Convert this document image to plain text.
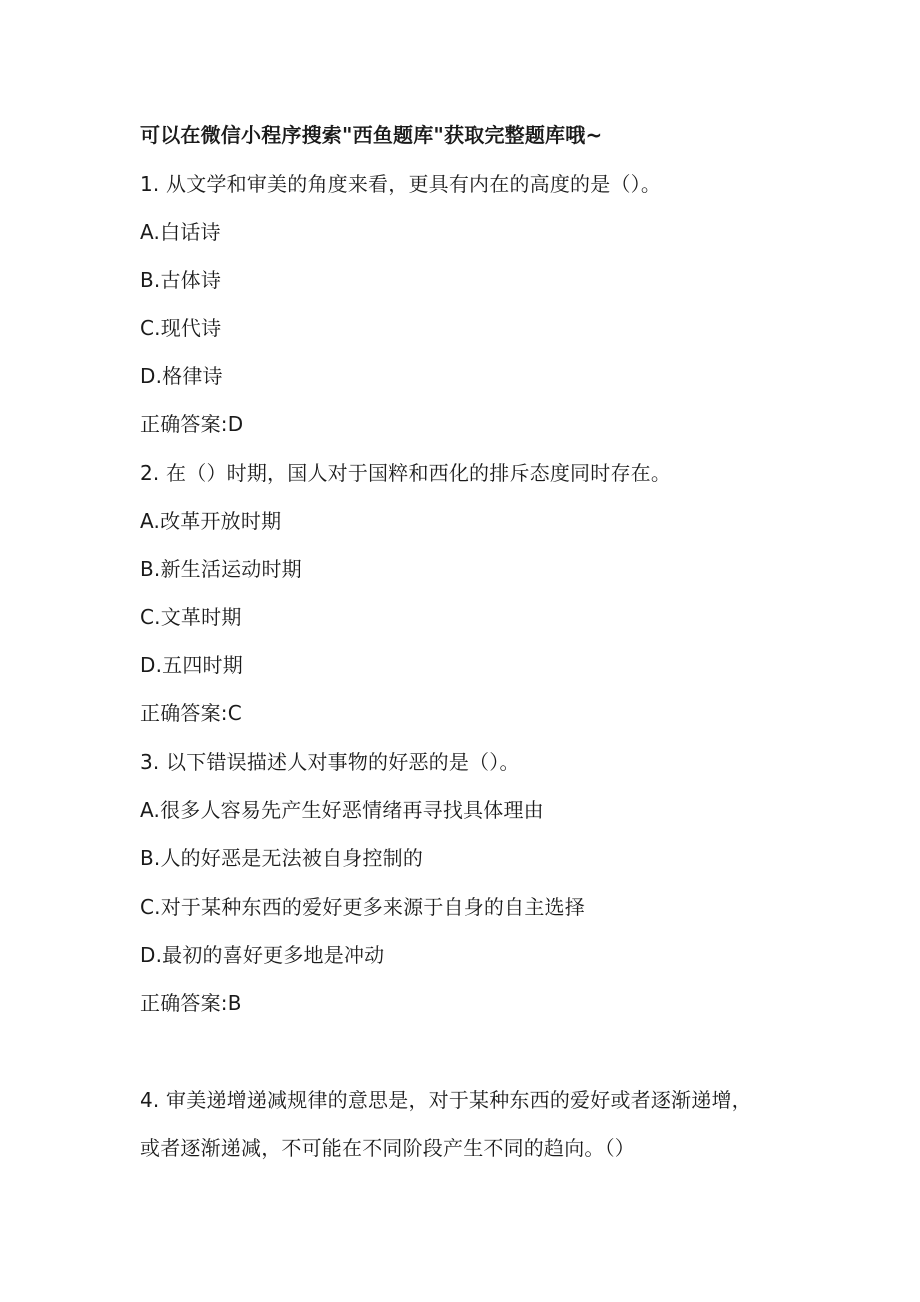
可以在微信小程序搜索"西鱼题库"获取完整题库哦~
1. 从文学和审美的角度来看，更具有内在的高度的是（）。
A.白话诗
B.古体诗
C.现代诗
D.格律诗
正确答案:D
2. 在（）时期，国人对于国粹和西化的排斥态度同时存在。
A.改革开放时期
B.新生活运动时期
C.文革时期
D.五四时期
正确答案:C
3. 以下错误描述人对事物的好恶的是（）。
A.很多人容易先产生好恶情绪再寻找具体理由
B.人的好恶是无法被自身控制的
C.对于某种东西的爱好更多来源于自身的自主选择
D.最初的喜好更多地是冲动
正确答案:B
4. 审美递增递减规律的意思是，对于某种东西的爱好或者逐渐递增，
或者逐渐递减，不可能在不同阶段产生不同的趋向。（）
